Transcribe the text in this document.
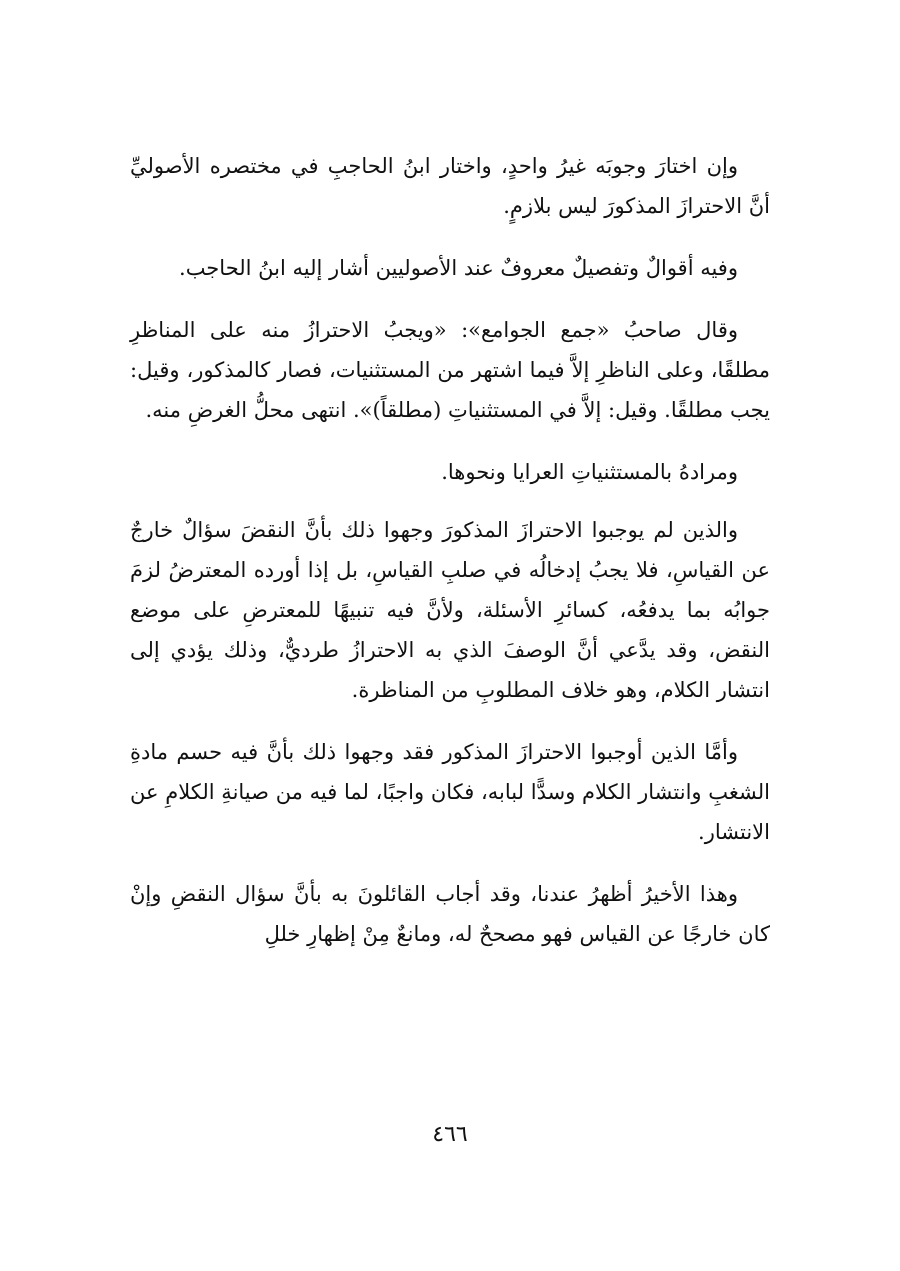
وإن اختارَ وجوبَه غيرُ واحدٍ، واختار ابنُ الحاجبِ في مختصره الأصوليِّ أنَّ الاحترازَ المذكورَ ليس بلازمٍ.

وفيه أقوالٌ وتفصيلٌ معروفٌ عند الأصوليين أشار إليه ابنُ الحاجب.

وقال صاحبُ «جمع الجوامع»: «ويجبُ الاحترازُ منه على المناظرِ مطلقًا، وعلى الناظرِ إلاَّ فيما اشتهر من المستثنيات، فصار كالمذكور، وقيل: يجب مطلقًا. وقيل: إلاَّ في المستثنياتِ (مطلقاً)». انتهى محلُّ الغرضِ منه.

ومرادهُ بالمستثنياتِ العرايا ونحوها.

والذين لم يوجبوا الاحترازَ المذكورَ وجهوا ذلك بأنَّ النقضَ سؤالٌ خارجٌ عن القياسِ، فلا يجبُ إدخالُه في صلبِ القياسِ، بل إذا أورده المعترضُ لزمَ جوابُه بما يدفعُه، كسائرِ الأسئلة، ولأنَّ فيه تنبيهًا للمعترضِ على موضع النقض، وقد يدَّعي أنَّ الوصفَ الذي به الاحترازُ طرديٌّ، وذلك يؤدي إلى انتشار الكلام، وهو خلاف المطلوبِ من المناظرة.

وأمَّا الذين أوجبوا الاحترازَ المذكور فقد وجهوا ذلك بأنَّ فيه حسم مادةِ الشغبِ وانتشار الكلام وسدًّا لبابه، فكان واجبًا، لما فيه من صيانةِ الكلامِ عن الانتشار.

وهذا الأخيرُ أظهرُ عندنا، وقد أجاب القائلونَ به بأنَّ سؤال النقضِ وإنْ كان خارجًا عن القياس فهو مصححٌ له، ومانعٌ مِنْ إظهارِ خللِ

٤٦٦
